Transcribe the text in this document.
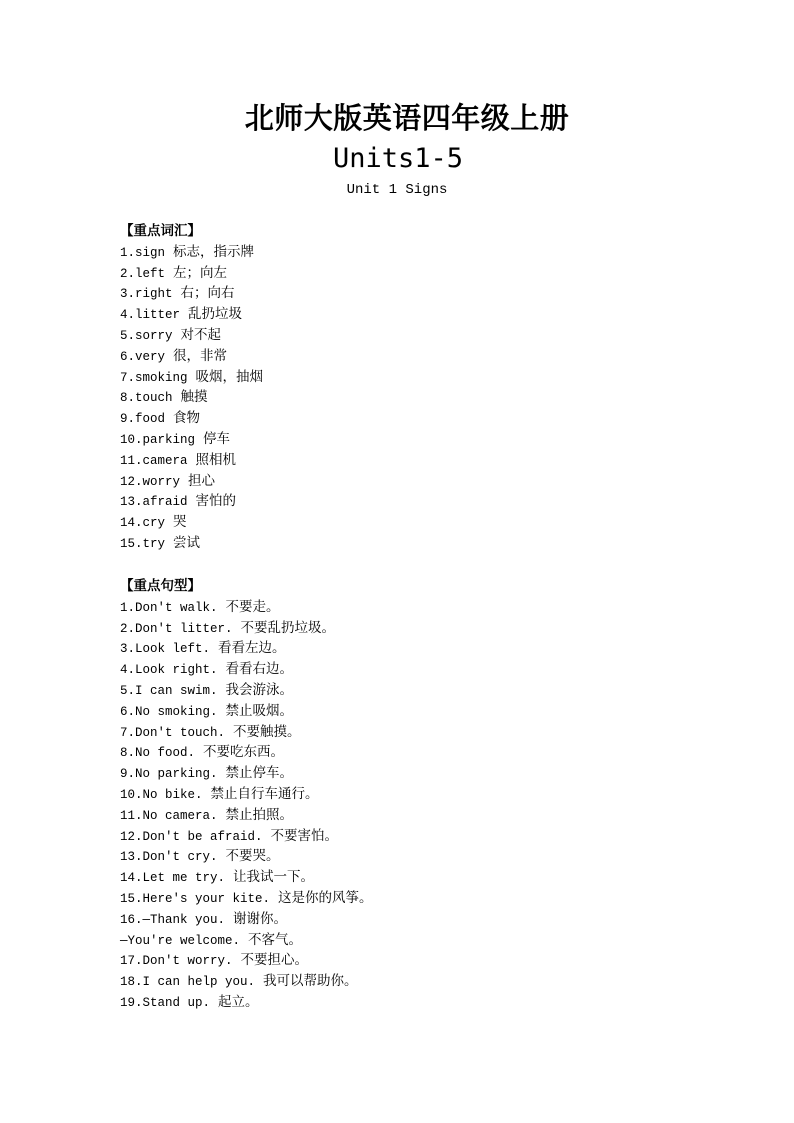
北师大版英语四年级上册
Units1-5
Unit 1 Signs
【重点词汇】
1.sign 标志，指示牌
2.left 左；向左
3.right 右；向右
4.litter 乱扔垃圾
5.sorry 对不起
6.very 很，非常
7.smoking 吸烟，抽烟
8.touch 触摸
9.food 食物
10.parking 停车
11.camera 照相机
12.worry 担心
13.afraid 害怕的
14.cry 哭
15.try 尝试
【重点句型】
1.Don't walk. 不要走。
2.Don't litter. 不要乱扔垃圾。
3.Look left. 看看左边。
4.Look right. 看看右边。
5.I can swim. 我会游泳。
6.No smoking. 禁止吸烟。
7.Don't touch. 不要触摸。
8.No food. 不要吃东西。
9.No parking. 禁止停车。
10.No bike. 禁止自行车通行。
11.No camera. 禁止拍照。
12.Don't be afraid. 不要害怕。
13.Don't cry. 不要哭。
14.Let me try. 让我试一下。
15.Here's your kite. 这是你的风筝。
16.—Thank you. 谢谢你。
—You're welcome. 不客气。
17.Don't worry. 不要担心。
18.I can help you. 我可以帮助你。
19.Stand up. 起立。
